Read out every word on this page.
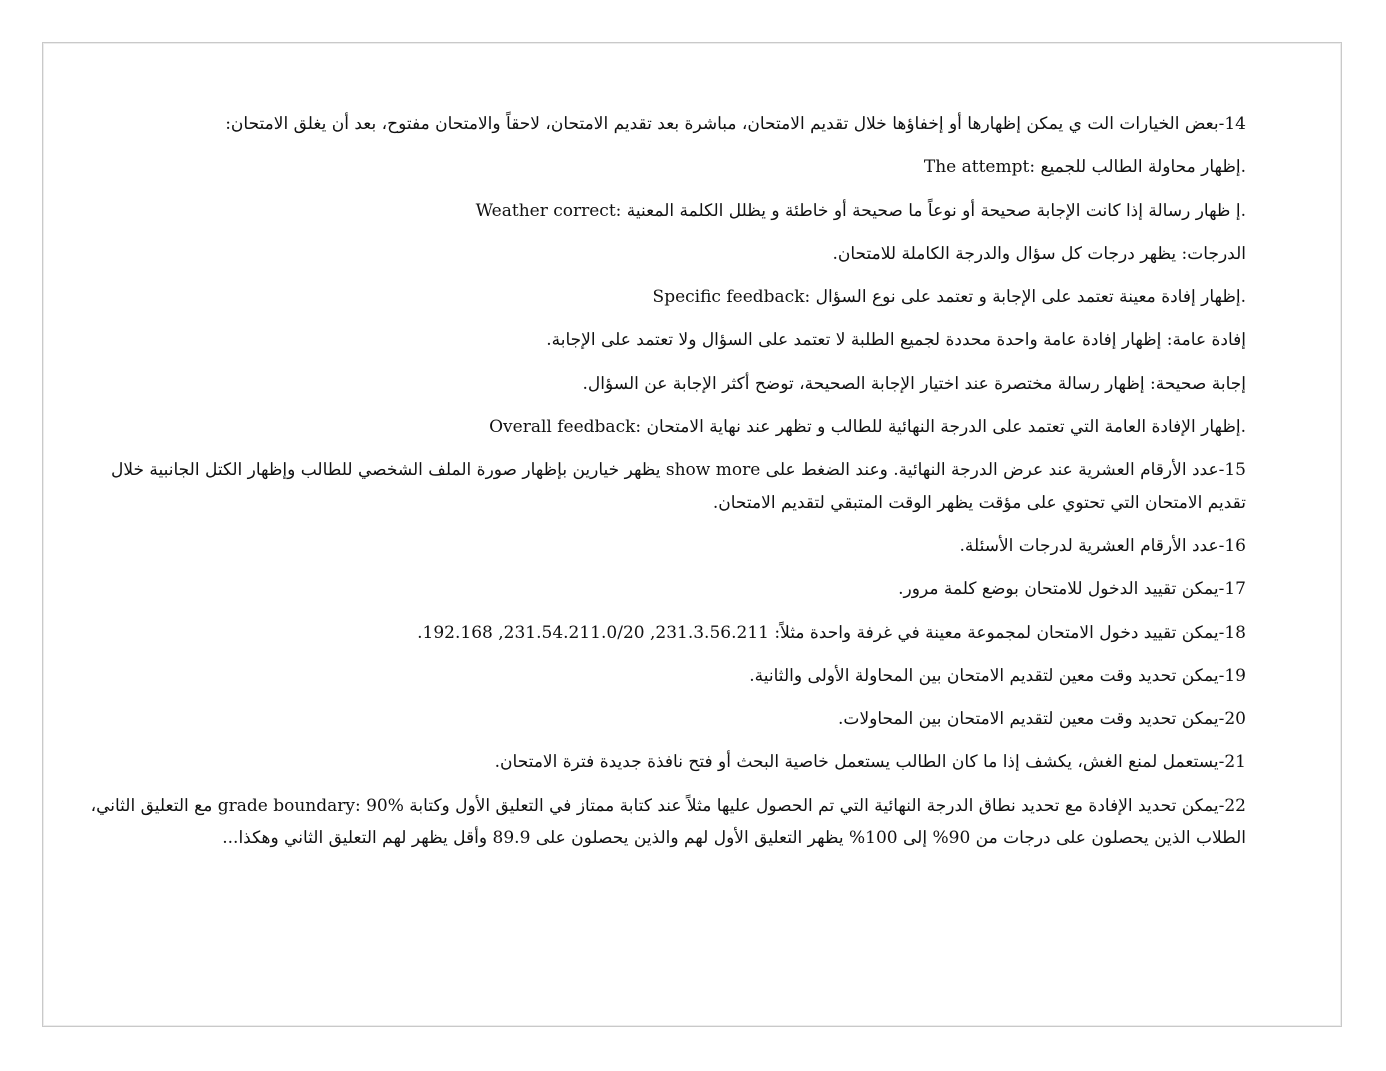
14-بعض الخيارات الت ي يمكن إظهارها أو إخفاؤها خلال تقديم الامتحان، مباشرة بعد تقديم الامتحان، لاحقاً والامتحان مفتوح، بعد أن يغلق الامتحان:

The attempt: إظهار محاولة الطالب للجميع.

Weather correct: إ ظهار رسالة إذا كانت الإجابة صحيحة أو نوعاً ما صحيحة أو خاطئة و يظلل الكلمة المعنية.

الدرجات: يظهر درجات كل سؤال والدرجة الكاملة للامتحان.

Specific feedback: إظهار إفادة معينة تعتمد على الإجابة و تعتمد على نوع السؤال.

إفادة عامة: إظهار إفادة عامة واحدة محددة لجميع الطلبة لا تعتمد على السؤال ولا تعتمد على الإجابة.

إجابة صحيحة: إظهار رسالة مختصرة عند اختيار الإجابة الصحيحة، توضح أكثر الإجابة عن السؤال.

Overall feedback: إظهار الإفادة العامة التي تعتمد على الدرجة النهائية للطالب و تظهر عند نهاية الامتحان.

15-عدد الأرقام العشرية عند عرض الدرجة النهائية. وعند الضغط على show more يظهر خيارين بإظهار صورة الملف الشخصي للطالب وإظهار الكتل الجانبية خلال تقديم الامتحان التي تحتوي على مؤقت يظهر الوقت المتبقي لتقديم الامتحان.

16-عدد الأرقام العشرية لدرجات الأسئلة.

17-يمكن تقييد الدخول للامتحان بوضع كلمة مرور.

18-يمكن تقييد دخول الامتحان لمجموعة معينة في غرفة واحدة مثلاً: 231.3.56.211, 231.54.211.0/20, 192.168.

19-يمكن تحديد وقت معين لتقديم الامتحان بين المحاولة الأولى والثانية.

20-يمكن تحديد وقت معين لتقديم الامتحان بين المحاولات.

21-يستعمل لمنع الغش، يكشف إذا ما كان الطالب يستعمل خاصية البحث أو فتح نافذة جديدة فترة الامتحان.

22-يمكن تحديد الإفادة مع تحديد نطاق الدرجة النهائية التي تم الحصول عليها مثلاً عند كتابة ممتاز في التعليق الأول وكتابة grade boundary: 90% مع التعليق الثاني، الطلاب الذين يحصلون على درجات من 90% إلى 100% يظهر التعليق الأول لهم والذين يحصلون على 89.9 وأقل يظهر لهم التعليق الثاني وهكذا...
